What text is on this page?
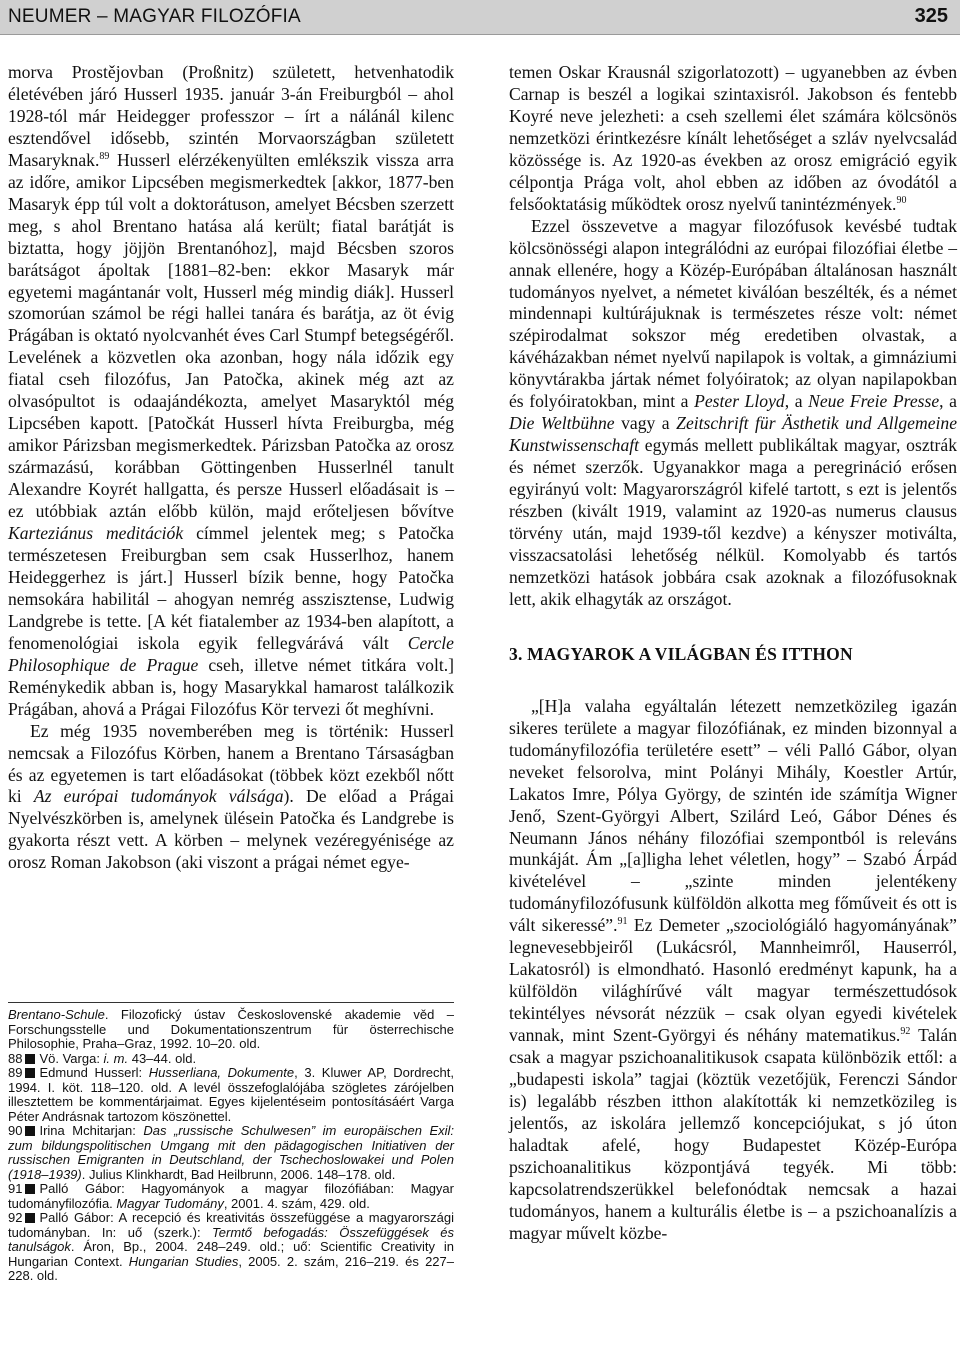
NEUMER – MAGYAR FILOZÓFIA	325

morva Prostějovban (Proßnitz) született, hetvenhatodik életévében járó Husserl 1935. január 3-án Freiburgból – ahol 1928-tól már Heidegger professzor – írt a nálánál kilenc esztendővel idősebb, szintén Morvaországban született Masaryknak.$^{89}$ Husserl elérzékenyülten emlékszik vissza arra az időre, amikor Lipcsében megismerkedtek [akkor, 1877-ben Masaryk épp túl volt a doktorátuson, amelyet Bécsben szerzett meg, s ahol Brentano hatása alá került; fiatal barátját is biztatta, hogy jöjjön Brentanóhoz], majd Bécsben szoros barátságot ápoltak [1881–82-ben: ekkor Masaryk már egyetemi magántanár volt, Husserl még mindig diák]. Husserl szomorúan számol be régi hallei tanára és barátja, az öt évig Prágában is oktató nyolcvanhét éves Carl Stumpf betegségéről. Levelének a közvetlen oka azonban, hogy nála időzik egy fiatal cseh filozófus, Jan Patočka, akinek még azt az olvasópultot is odaajándékozta, amelyet Masaryktól még Lipcsében kapott. [Patočkát Husserl hívta Freiburgba, még amikor Párizsban megismerkedtek. Párizsban Patočka az orosz származású, korábban Göttingenben Husserlnél tanult Alexandre Koyrét hallgatta, és persze Husserl előadásait is – ez utóbbiak aztán előbb külön, majd erőteljesen bővítve Karteziánus meditációk címmel jelentek meg; s Patočka természetesen Freiburgban sem csak Husserlhoz, hanem Heideggerhez is járt.] Husserl bízik benne, hogy Patočka nemsokára habilitál – ahogyan nemrég asszisztense, Ludwig Landgrebe is tette. [A két fiatalember az 1934-ben alapított, a fenomenológiai iskola egyik fellegvárává vált Cercle Philosophique de Prague cseh, illetve német titkára volt.] Reménykedik abban is, hogy Masarykkal hamarost találkozik Prágában, ahová a Prágai Filozófus Kör tervezi őt meghívni.

Ez még 1935 novemberében meg is történik: Husserl nemcsak a Filozófus Körben, hanem a Brentano Társaságban és az egyetemen is tart előadásokat (többek közt ezekből nőtt ki Az európai tudományok válsága). De előad a Prágai Nyelvészkörben is, amelynek ülésein Patočka és Landgrebe is gyakorta részt vett. A körben – melynek vezéregyénisége az orosz Roman Jakobson (aki viszont a prágai német egye-

temen Oskar Krausnál szigorlatozott) – ugyanebben az évben Carnap is beszél a logikai szintaxisról. Jakobson és fentebb Koyré neve jelezheti: a cseh szellemi élet számára kölcsönös nemzetközi érintkezésre kínált lehetőséget a szláv nyelvcsalád közössége is. Az 1920-as években az orosz emigráció egyik célpontja Prága volt, ahol ebben az időben az óvodától a felsőoktatásig működtek orosz nyelvű tanintézmények.$^{90}$

Ezzel összevetve a magyar filozófusok kevésbé tudtak kölcsönösségi alapon integrálódni az európai filozófiai életbe – annak ellenére, hogy a Közép-Európában általánosan használt tudományos nyelvet, a németet kiválóan beszélték, és a német mindennapi kultúrájuknak is természetes része volt: német szépirodalmat sokszor még eredetiben olvastak, a kávéházakban német nyelvű napilapok is voltak, a gimnáziumi könyvtárakba jártak német folyóiratok; az olyan napilapokban és folyóiratokban, mint a Pester Lloyd, a Neue Freie Presse, a Die Weltbühne vagy a Zeitschrift für Ästhetik und Allgemeine Kunstwissenschaft egymás mellett publikáltak magyar, osztrák és német szerzők. Ugyanakkor maga a peregrináció erősen egyirányú volt: Magyarországról kifelé tartott, s ezt is jelentős részben (kivált 1919, valamint az 1920-as numerus clausus törvény után, majd 1939-től kezdve) a kényszer motiválta, visszacsatolási lehetőség nélkül. Komolyabb és tartós nemzetközi hatások jobbára csak azoknak a filozófusoknak lett, akik elhagyták az országot.

3. MAGYAROK A VILÁGBAN ÉS ITTHON

„[H]a valaha egyáltalán létezett nemzetközileg igazán sikeres területe a magyar filozófiának, ez minden bizonnyal a tudományfilozófia területére esett” – véli Palló Gábor, olyan neveket felsorolva, mint Polányi Mihály, Koestler Artúr, Lakatos Imre, Pólya György, de szintén ide számítja Wigner Jenő, Szent-Györgyi Albert, Szilárd Leó, Gábor Dénes és Neumann János néhány filozófiai szempontból is releváns munkáját. Ám „[a]ligha lehet véletlen, hogy” – Szabó Árpád kivételével – „szinte minden jelentékeny tudományfilozófusunk külföldön alkotta meg főműveit és ott is vált sikeressé”.$^{91}$ Ez Demeter „szociológiáló hagyományának” legnevesebbjeiről (Lukácsról, Mannheimről, Hauserról, Lakatosról) is elmondható. Hasonló eredményt kapunk, ha a külföldön világhírűvé vált magyar természettudósok tekintélyes névsorát nézzük – csak olyan egyedi kivételek vannak, mint Szent-Györgyi és néhány matematikus.$^{92}$ Talán csak a magyar pszichoanalitikusok csapata különbözik ettől: a „budapesti iskola” tagjai (köztük vezetőjük, Ferenczi Sándor is) legalább részben itthon alakították ki nemzetközileg is jelentős, az iskolára jellemző koncepciójukat, s jó úton haladtak afelé, hogy Budapestet Közép-Európa pszichoanalitikus központjává tegyék. Mi több: kapcsolatrendszerükkel belefonódtak nemcsak a hazai tudományos, hanem a kulturális életbe is – a pszichoanalízis a magyar művelt közbe-

Brentano-Schule. Filozofický ústav Československé akademie věd – Forschungsstelle und Dokumentationszentrum für österrechische Philosophie, Praha–Graz, 1992. 10–20. old.

88 Vö. Varga: i. m. 43–44. old.

89 Edmund Husserl: Husserliana, Dokumente, 3. Kluwer AP, Dordrecht, 1994. I. köt. 118–120. old. A levél összefoglalójába szögletes zárójelben illesztettem be kommentárjaimat. Egyes kijelentéseim pontosításáért Varga Péter Andrásnak tartozom köszönettel.

90 Irina Mchitarjan: Das „russische Schulwesen” im europäischen Exil: zum bildungspolitischen Umgang mit den pädagogischen Initiativen der russischen Emigranten in Deutschland, der Tschechoslowakei und Polen (1918–1939). Julius Klinkhardt, Bad Heilbrunn, 2006. 148–178. old.

91 Palló Gábor: Hagyományok a magyar filozófiában: Magyar tudományfilozófia. Magyar Tudomány, 2001. 4. szám, 429. old.

92 Palló Gábor: A recepció és kreativitás összefüggése a magyarországi tudományban. In: uő (szerk.): Termtő befogadás: Összefüggések és tanulságok. Áron, Bp., 2004. 248–249. old.; uő: Scientific Creativity in Hungarian Context. Hungarian Studies, 2005. 2. szám, 216–219. és 227–228. old.
